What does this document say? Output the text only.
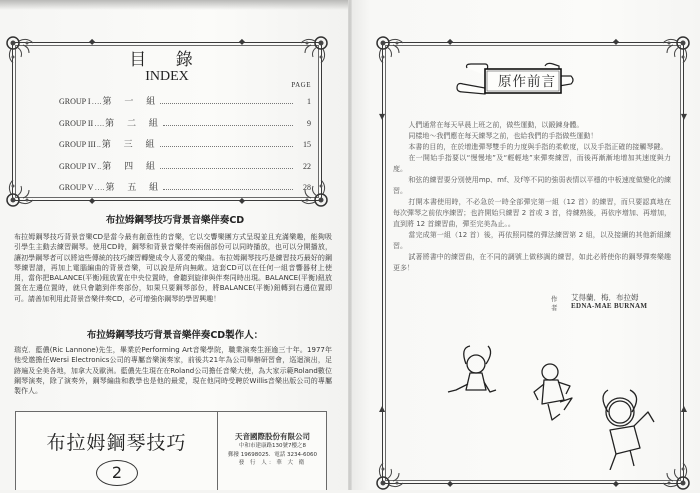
◆	◆
◆	◆
目 錄
INDEX
PAGE
GROUP I …. 第 一 組	1
GROUP II …. 第 二 組	9
GROUP III .. 第 三 組	15
GROUP IV .. 第 四 組	22
GROUP V …. 第 五 組	28
布拉姆鋼琴技巧背景音樂伴奏CD
布拉姆鋼琴技巧背景音樂CD是當今最有創意性的音樂，它以交響樂團方式呈現並且充滿樂趣，能夠吸引學生主動去練習鋼琴。使用CD時，鋼琴和背景音樂伴奏兩個部份可以同時播放，也可以分開播放，讓初學鋼琴者可以將這些傳統的技巧練習轉變成令人喜愛的樂曲。布拉姆鋼琴技巧是練習技巧最好的鋼琴練習譜，再加上電腦編曲的背景音樂，可以說是所向無敵。這套CD可以在任何一組音響器材上使用，當你把BALANCE(平衡)鈕放置在中央位置時，會聽到旋律與伴奏同時出現。BALANCE(平衡)鈕放置在左邊位置時，就只會聽到伴奏部份，如果只要鋼琴部份，將BALANCE(平衡)鈕轉到右邊位置即可。請善加利用此背景音樂伴奏CD，必可增強你鋼琴的學習興趣！
布拉姆鋼琴技巧背景音樂伴奏CD製作人：
瑞克．藍儂(Ric Lannone)先生，畢業於Performing Art音樂學院，職業演奏生涯逾三十年。1977年他受邀擔任Wersi Electronics公司的專屬音樂演奏家，前後共21年為公司舉辦研習會，巡迴演出，足跡遍及全美各地，加拿大及歐洲。藍儂先生現在在Roland公司擔任音樂大使，為大家示範Roland數位鋼琴演奏，除了演奏外，鋼琴編曲和教學也是他的最愛，現在他同時受聘於Willis音樂出版公司的專屬製作人。
布拉姆鋼琴技巧
2
天音國際股份有限公司
中和市建康路130號7樓之8
郵撥 19698025．電話 3234-6060
發 行 人：華 大 衛
◆	◆
◆	◆
▼	▼
▲	▲
原作前言

人們通常在每天早晨上班之前，做些運動，以鍛鍊身體。

同樣地～我們應在每天練琴之前，也給我們的手指做些運動！

本書的目的，在於增進彈琴雙手的力度與手指的柔軟度，以及手指正確的接觸琴鍵。

在一開始手指要以“慢慢地”及“輕輕地”來彈奏練習，而後再漸漸地增加其速度與力度。

和弦的練習要分別使用mp、mf、及f等不同的強弱表情以平穩的中板速度做變化的練習。

打開本書使用時，不必急於一時全部彈完第一組（12 首）的練習，而只要認真地在每次彈琴之前依序練習；也許開始只練習 2 首或 3 首，待練熟後，再依序增加、再增加，直到將 12 首練習曲，彈至完美為止。。

當完成第一組（12 首）後，再依照同樣的彈法練習第 2 組，以及接續的其他新組練習。

試著將書中的練習曲，在不同的調號上做移調的練習，如此必將使你的鋼琴彈奏樂趣更多！

作者
艾得蘭．梅．布拉姆
EDNA-MAE BURNAM
